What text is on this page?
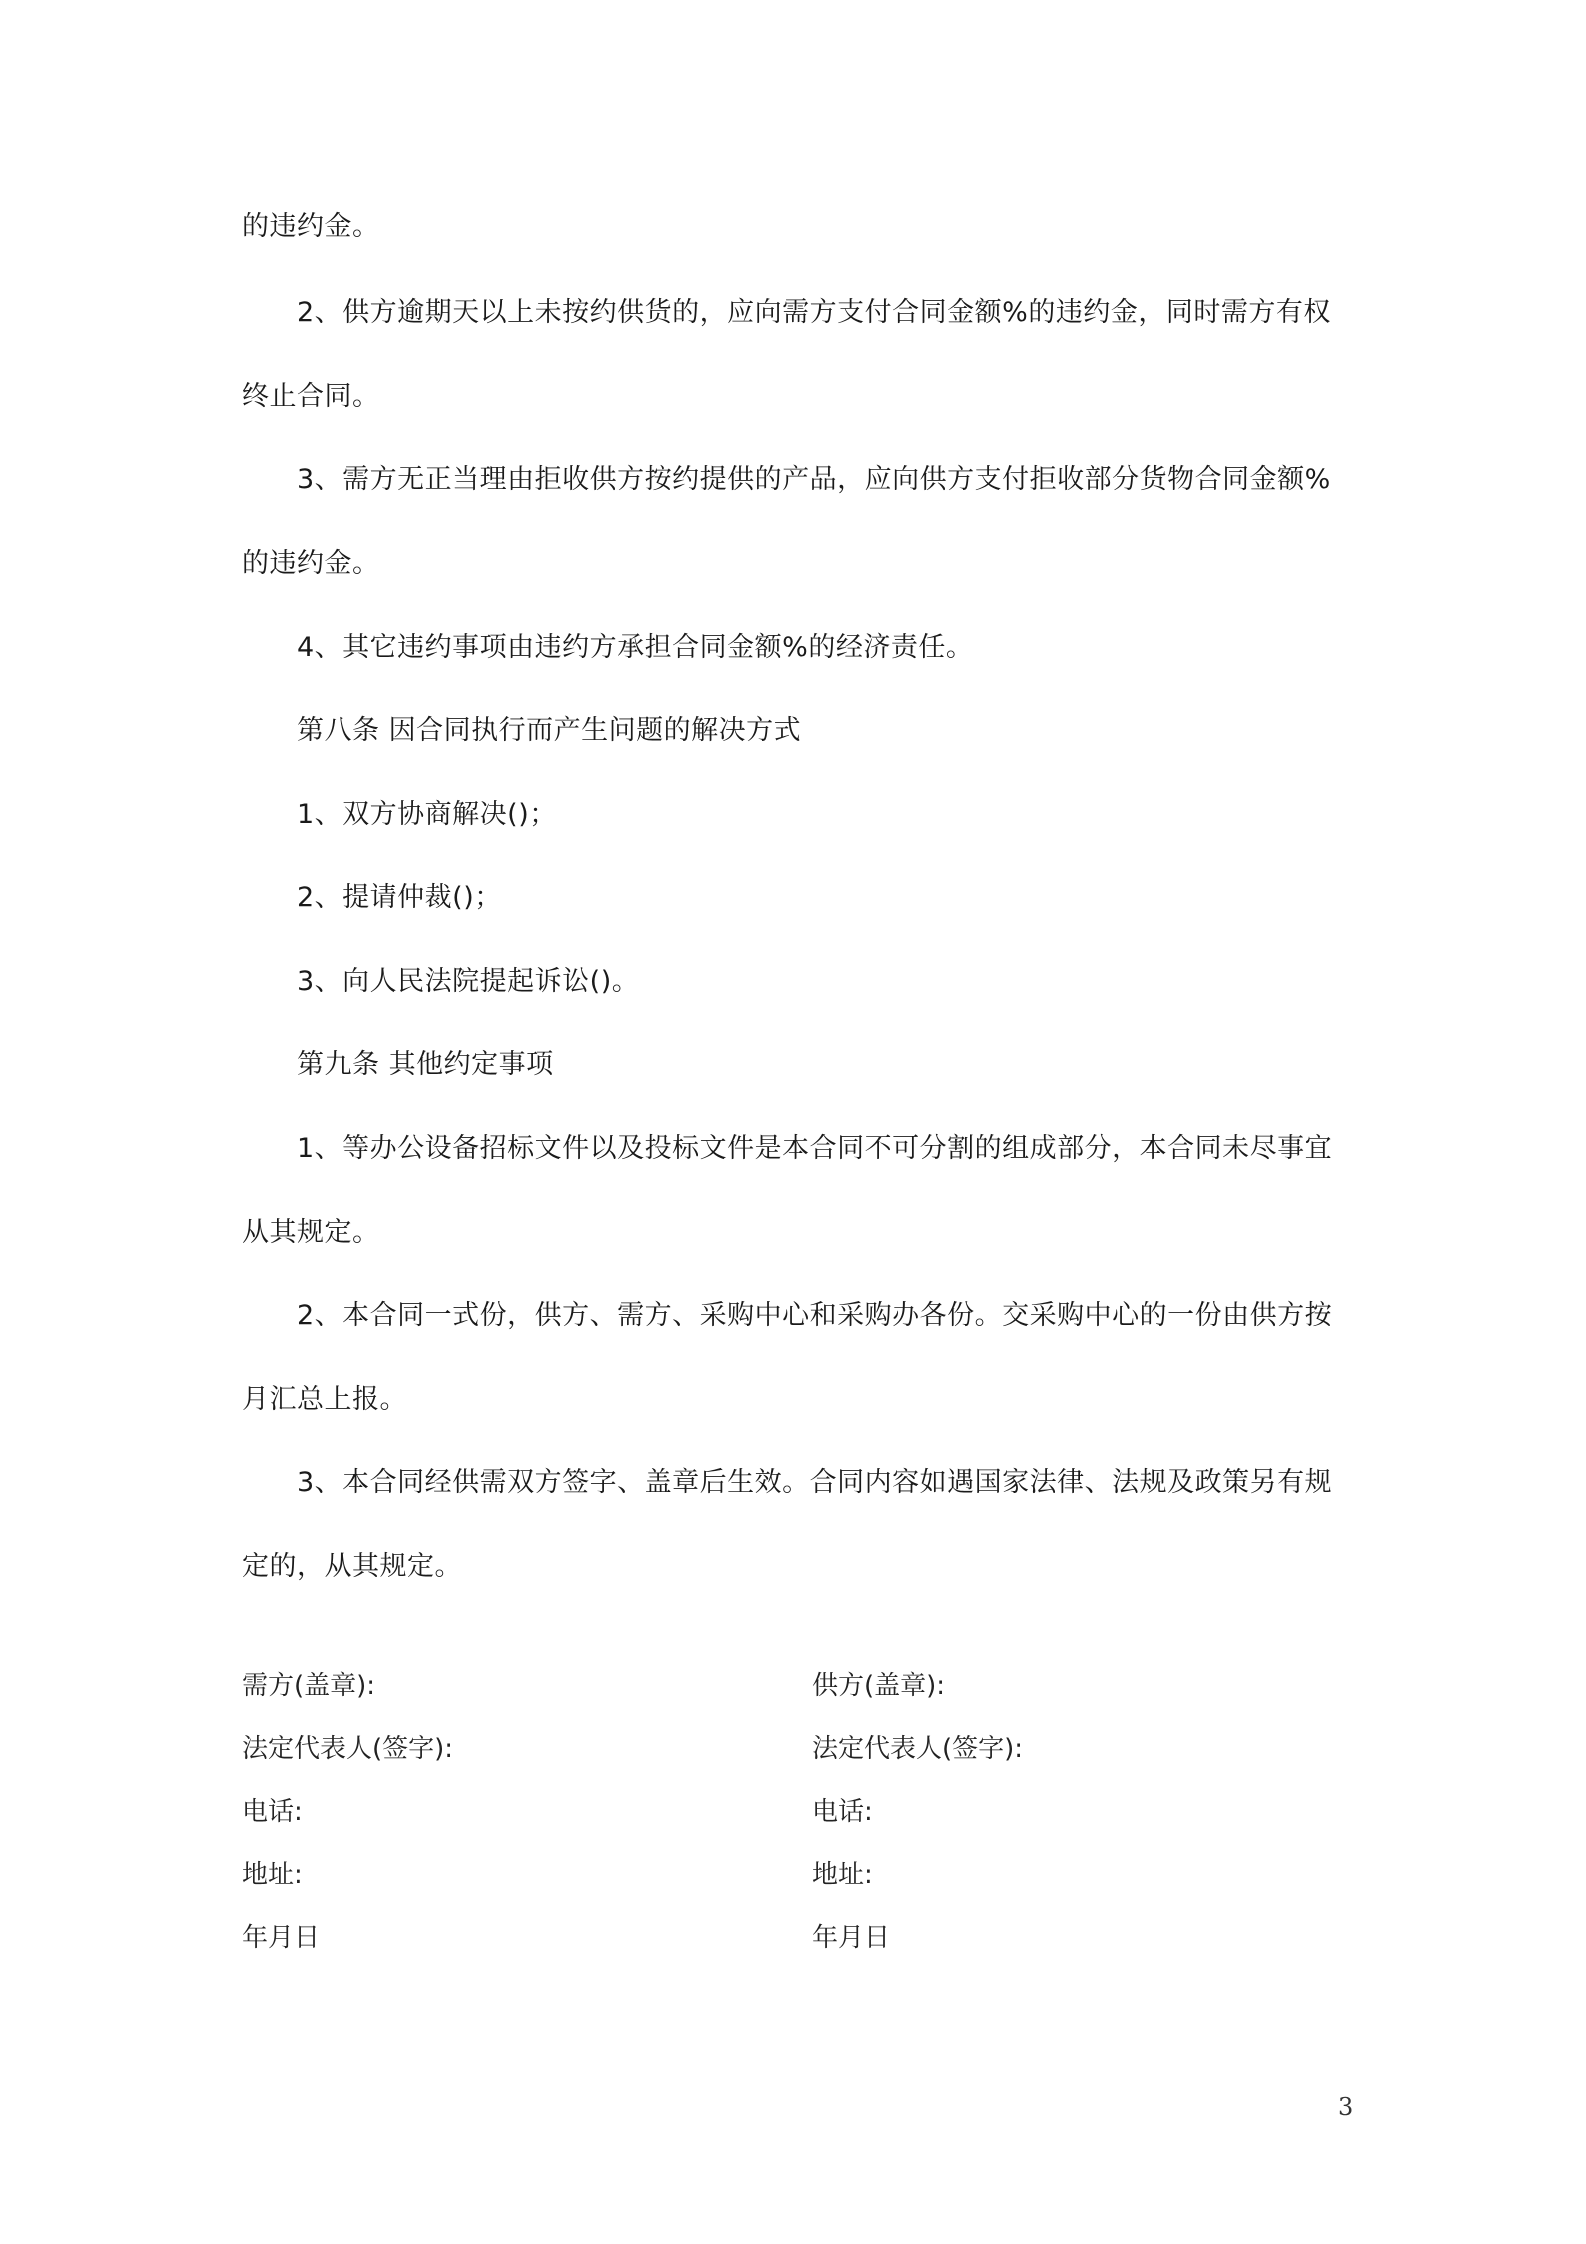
的违约金。
2、供方逾期天以上未按约供货的，应向需方支付合同金额%的违约金，同时需方有权
终止合同。
3、需方无正当理由拒收供方按约提供的产品，应向供方支付拒收部分货物合同金额%
的违约金。
4、其它违约事项由违约方承担合同金额%的经济责任。
第八条 因合同执行而产生问题的解决方式
1、双方协商解决()；
2、提请仲裁()；
3、向人民法院提起诉讼()。
第九条 其他约定事项
1、等办公设备招标文件以及投标文件是本合同不可分割的组成部分，本合同未尽事宜
从其规定。
2、本合同一式份，供方、需方、采购中心和采购办各份。交采购中心的一份由供方按
月汇总上报。
3、本合同经供需双方签字、盖章后生效。合同内容如遇国家法律、法规及政策另有规
定的，从其规定。
需方(盖章):
法定代表人(签字):
电话:
地址:
年月日
供方(盖章):
法定代表人(签字):
电话:
地址:
年月日
3
